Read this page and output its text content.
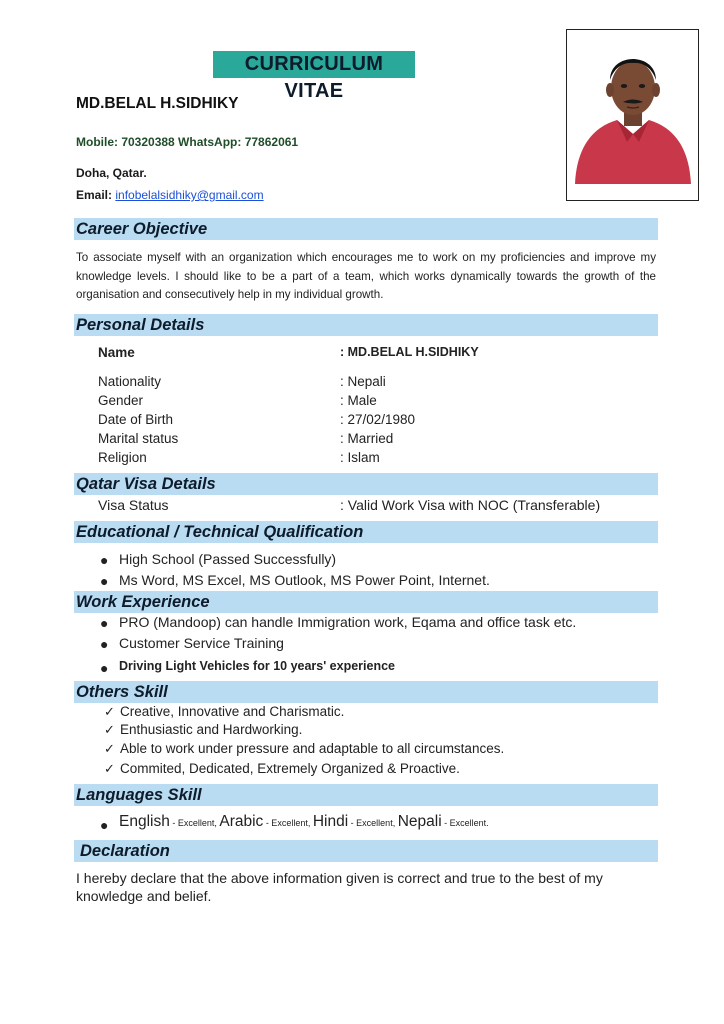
CURRICULUM VITAE
MD.BELAL H.SIDHIKY
Mobile: 70320388 WhatsApp: 77862061
Doha, Qatar.
Email: infobelalsidhiky@gmail.com
Career Objective
To associate myself with an organization which encourages me to work on my proficiencies and improve my knowledge levels. I should like to be a part of a team, which works dynamically towards the growth of the organisation and consecutively help in my individual growth.
Personal Details
Name	: MD.BELAL H.SIDHIKY
Nationality	: Nepali
Gender	: Male
Date of Birth	: 27/02/1980
Marital status	: Married
Religion	: Islam
Qatar Visa Details
Visa Status	: Valid Work Visa with NOC (Transferable)
Educational / Technical Qualification
● High School (Passed Successfully)
● Ms Word, MS Excel, MS Outlook, MS Power Point, Internet.
Work Experience
● PRO (Mandoop) can handle Immigration work, Eqama and office task etc.
● Customer Service Training
● Driving Light Vehicles for 10 years' experience
Others Skill
✓ Creative, Innovative and Charismatic.
✓ Enthusiastic and Hardworking.
✓ Able to work under pressure and adaptable to all circumstances.
✓ Commited, Dedicated, Extremely Organized & Proactive.
Languages Skill
● English - Excellent, Arabic - Excellent, Hindi - Excellent, Nepali - Excellent.
Declaration
I hereby declare that the above information given is correct and true to the best of my knowledge and belief.
